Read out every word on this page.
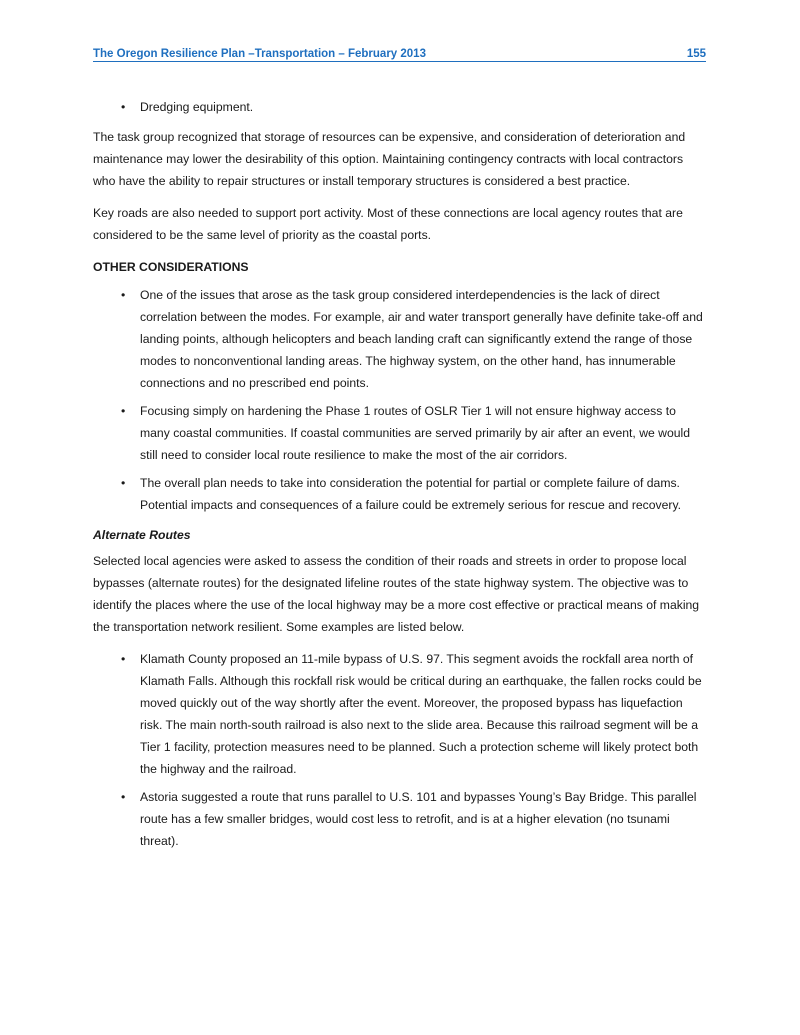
The Oregon Resilience Plan –Transportation – February 2013	155
• Dredging equipment.

The task group recognized that storage of resources can be expensive, and consideration of deterioration and maintenance may lower the desirability of this option. Maintaining contingency contracts with local contractors who have the ability to repair structures or install temporary structures is considered a best practice.

Key roads are also needed to support port activity. Most of these connections are local agency routes that are considered to be the same level of priority as the coastal ports.

OTHER CONSIDERATIONS
• One of the issues that arose as the task group considered interdependencies is the lack of direct correlation between the modes. For example, air and water transport generally have definite take-off and landing points, although helicopters and beach landing craft can significantly extend the range of those modes to nonconventional landing areas. The highway system, on the other hand, has innumerable connections and no prescribed end points.
• Focusing simply on hardening the Phase 1 routes of OSLR Tier 1 will not ensure highway access to many coastal communities. If coastal communities are served primarily by air after an event, we would still need to consider local route resilience to make the most of the air corridors.
• The overall plan needs to take into consideration the potential for partial or complete failure of dams. Potential impacts and consequences of a failure could be extremely serious for rescue and recovery.
Alternate Routes

Selected local agencies were asked to assess the condition of their roads and streets in order to propose local bypasses (alternate routes) for the designated lifeline routes of the state highway system. The objective was to identify the places where the use of the local highway may be a more cost effective or practical means of making the transportation network resilient. Some examples are listed below.

• Klamath County proposed an 11-mile bypass of U.S. 97. This segment avoids the rockfall area north of Klamath Falls. Although this rockfall risk would be critical during an earthquake, the fallen rocks could be moved quickly out of the way shortly after the event. Moreover, the proposed bypass has liquefaction risk. The main north-south railroad is also next to the slide area. Because this railroad segment will be a Tier 1 facility, protection measures need to be planned. Such a protection scheme will likely protect both the highway and the railroad.
• Astoria suggested a route that runs parallel to U.S. 101 and bypasses Young’s Bay Bridge. This parallel route has a few smaller bridges, would cost less to retrofit, and is at a higher elevation (no tsunami threat).
